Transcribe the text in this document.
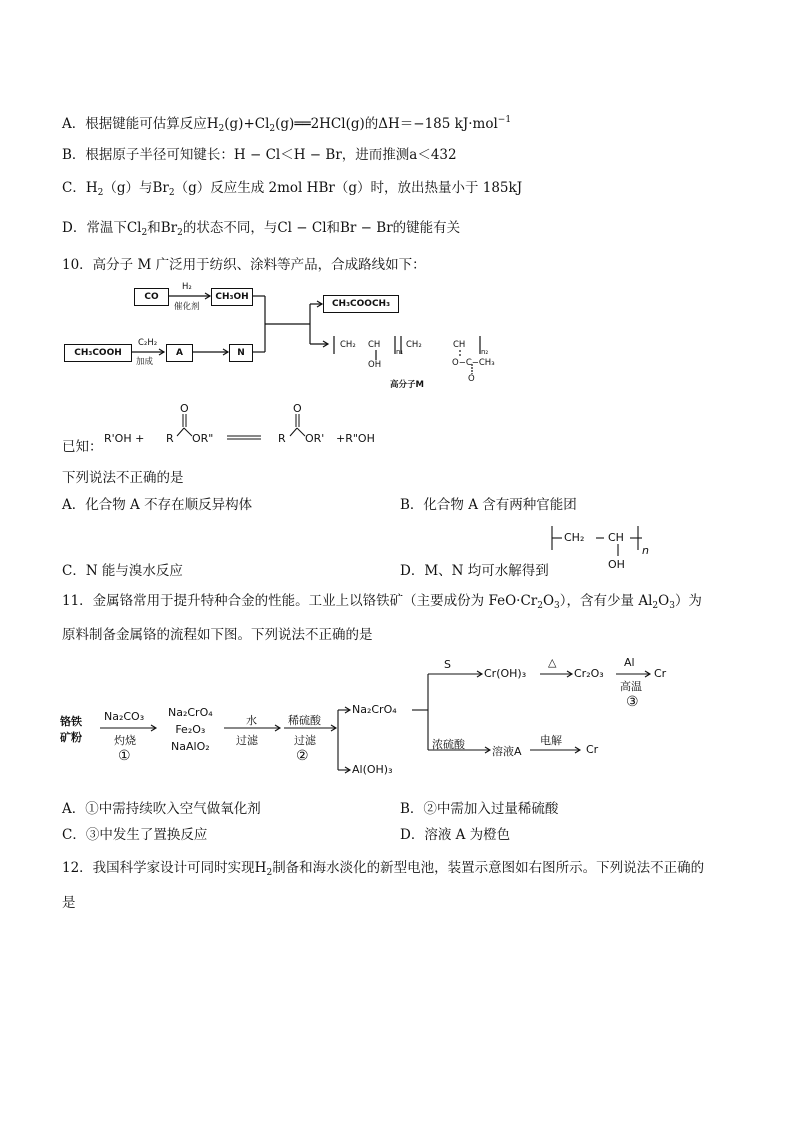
A．根据键能可估算反应$H_2(g)+Cl_2(g)══2HCl(g)$的ΔH＝−185 kJ·mol$^{-1}$
B．根据原子半径可知键长：H − Cl＜H − Br，进而推测a＜432
C．$H_2(g)$与$Br_2(g)$反应生成 2mol HBr（g）时，放出热量小于 185kJ
D．常温下$Cl_2$和$Br_2$的状态不同，与Cl − Cl和Br − Br的键能有关
10．高分子 M 广泛用于纺织、涂料等产品，合成路线如下：
CO
H₂
催化剂
CH₃OH
CH₃COOH
C₂H₂
加成
A	N
CH₃COOCH₃
CH₂ CH
OH
n₁
CH₂	CH
n₂
O−C−CH₃
O
高分子M
已知：
R'OH + R
O
OR"	R
O
OR' +R"OH
下列说法不正确的是
A．化合物 A 不存在顺反异构体	B．化合物 A 含有两种官能团
C．N 能与溴水反应	D．M、N 均可水解得到
CH₂ CH
OH
n
11．金属铬常用于提升特种合金的性能。工业上以铬铁矿（主要成份为 $FeO\cdot Cr_2O_3$），含有少量 $Al_2O_3$）为
原料制备金属铬的流程如下图。下列说法不正确的是
铬铁
矿粉
Na₂CO₃
灼烧
①
Na₂CrO₄
Fe₂O₃
NaAlO₂
水
过滤
稀硫酸
过滤
②
Na₂CrO₄
Al(OH)₃
S
Cr(OH)₃
△
Cr₂O₃
Al
高温
③
Cr
浓硫酸
溶液A
电解
Cr
A．①中需持续吹入空气做氧化剂	B．②中需加入过量稀硫酸
C．③中发生了置换反应	D．溶液 A 为橙色
12．我国科学家设计可同时实现$H_2$制备和海水淡化的新型电池，装置示意图如右图所示。下列说法不正确的
是
